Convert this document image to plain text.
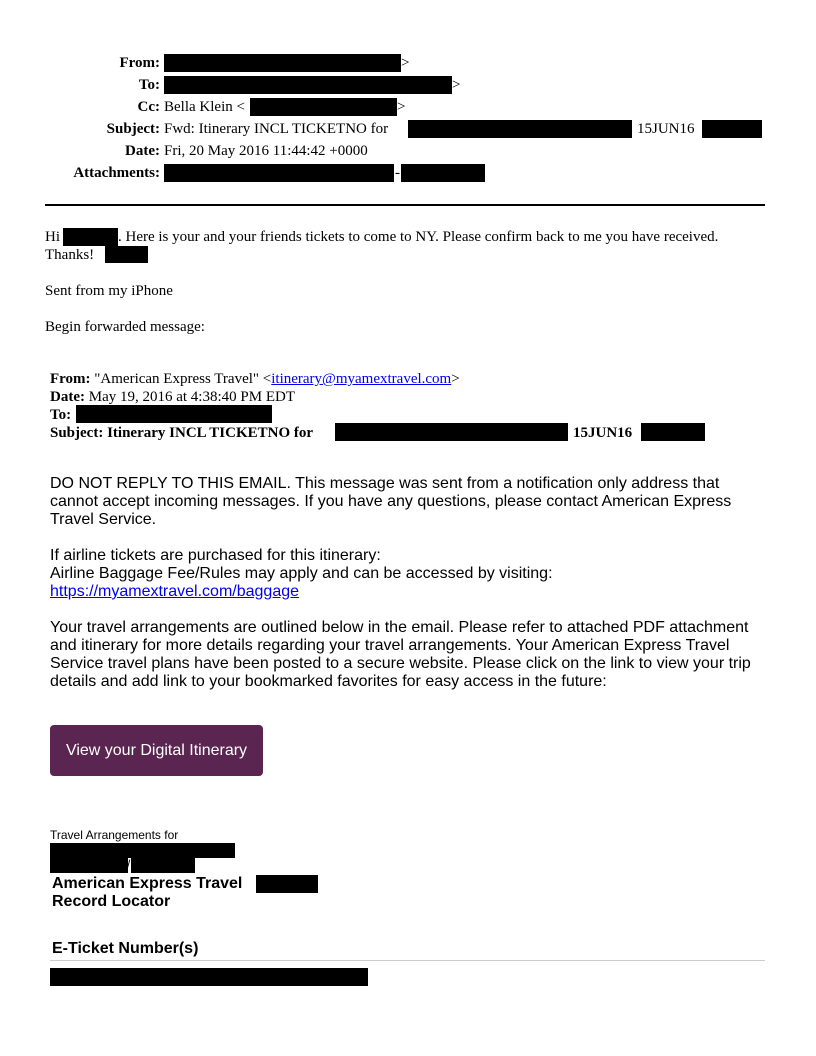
From:	>
To:	>
Cc: Bella Klein <	>
Subject: Fwd: Itinerary INCL TICKETNO for	15JUN16
Date: Fri, 20 May 2016 11:44:42 +0000
Attachments:	-
Hi	. Here is your and your friends tickets to come to NY. Please confirm back to me you have received.
Thanks!
Sent from my iPhone
Begin forwarded message:
From: "American Express Travel" <itinerary@myamextravel.com>
Date: May 19, 2016 at 4:38:40 PM EDT
To:
Subject: Itinerary INCL TICKETNO for	15JUN16
DO NOT REPLY TO THIS EMAIL. This message was sent from a notification only address that cannot accept incoming messages. If you have any questions, please contact American Express Travel Service.
If airline tickets are purchased for this itinerary:
Airline Baggage Fee/Rules may apply and can be accessed by visiting:
https://myamextravel.com/baggage
Your travel arrangements are outlined below in the email. Please refer to attached PDF attachment and itinerary for more details regarding your travel arrangements. Your American Express Travel Service travel plans have been posted to a secure website. Please click on the link to view your trip details and add link to your bookmarked favorites for easy access in the future:
View your Digital Itinerary
Travel Arrangements for
/
American Express Travel
Record Locator
E-Ticket Number(s)
